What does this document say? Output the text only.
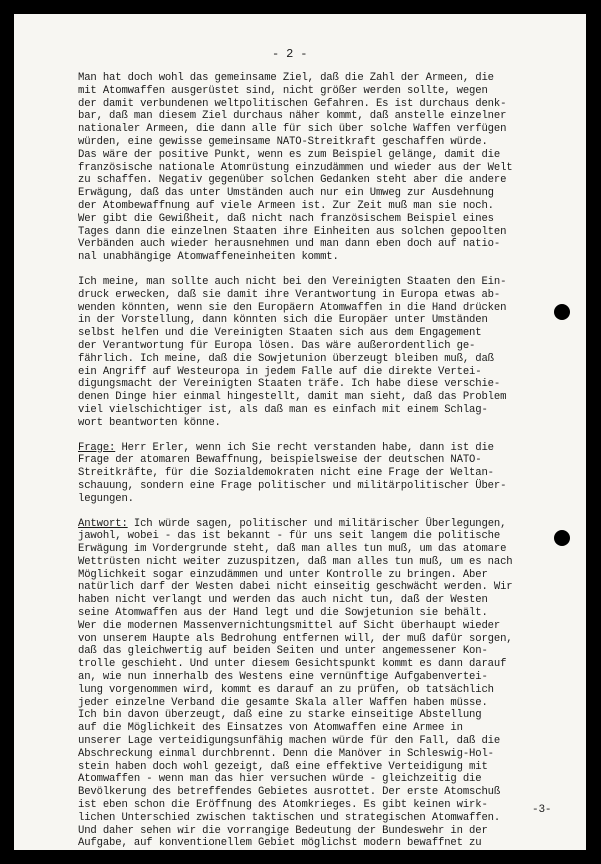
- 2 -
Man hat doch wohl das gemeinsame Ziel, daß die Zahl der Armeen, die
mit Atomwaffen ausgerüstet sind, nicht größer werden sollte, wegen
der damit verbundenen weltpolitischen Gefahren. Es ist durchaus denk-
bar, daß man diesem Ziel durchaus näher kommt, daß anstelle einzelner
nationaler Armeen, die dann alle für sich über solche Waffen verfügen
würden, eine gewisse gemeinsame NATO-Streitkraft geschaffen würde.
Das wäre der positive Punkt, wenn es zum Beispiel gelänge, damit die
französische nationale Atomrüstung einzudämmen und wieder aus der Welt
zu schaffen. Negativ gegenüber solchen Gedanken steht aber die andere
Erwägung, daß das unter Umständen auch nur ein Umweg zur Ausdehnung
der Atombewaffnung auf viele Armeen ist. Zur Zeit muß man sie noch.
Wer gibt die Gewißheit, daß nicht nach französischem Beispiel eines
Tages dann die einzelnen Staaten ihre Einheiten aus solchen gepoolten
Verbänden auch wieder herausnehmen und man dann eben doch auf natio-
nal unabhängige Atomwaffeneinheiten kommt.
Ich meine, man sollte auch nicht bei den Vereinigten Staaten den Ein-
druck erwecken, daß sie damit ihre Verantwortung in Europa etwas ab-
wenden könnten, wenn sie den Europäern Atomwaffen in die Hand drücken
in der Vorstellung, dann könnten sich die Europäer unter Umständen
selbst helfen und die Vereinigten Staaten sich aus dem Engagement
der Verantwortung für Europa lösen. Das wäre außerordentlich ge-
fährlich. Ich meine, daß die Sowjetunion überzeugt bleiben muß, daß
ein Angriff auf Westeuropa in jedem Falle auf die direkte Vertei-
digungsmacht der Vereinigten Staaten träfe. Ich habe diese verschie-
denen Dinge hier einmal hingestellt, damit man sieht, daß das Problem
viel vielschichtiger ist, als daß man es einfach mit einem Schlag-
wort beantworten könne.
Frage: Herr Erler, wenn ich Sie recht verstanden habe, dann ist die
Frage der atomaren Bewaffnung, beispielsweise der deutschen NATO-
Streitkräfte, für die Sozialdemokraten nicht eine Frage der Weltan-
schauung, sondern eine Frage politischer und militärpolitischer Über-
legungen.
Antwort: Ich würde sagen, politischer und militärischer Überlegungen,
jawohl, wobei - das ist bekannt - für uns seit langem die politische
Erwägung im Vordergrunde steht, daß man alles tun muß, um das atomare
Wettrüsten nicht weiter zuzuspitzen, daß man alles tun muß, um es nach
Möglichkeit sogar einzudämmen und unter Kontrolle zu bringen. Aber
natürlich darf der Westen dabei nicht einseitig geschwächt werden. Wir
haben nicht verlangt und werden das auch nicht tun, daß der Westen
seine Atomwaffen aus der Hand legt und die Sowjetunion sie behält.
Wer die modernen Massenvernichtungsmittel auf Sicht überhaupt wieder
von unserem Haupte als Bedrohung entfernen will, der muß dafür sorgen,
daß das gleichwertig auf beiden Seiten und unter angemessener Kon-
trolle geschieht. Und unter diesem Gesichtspunkt kommt es dann darauf
an, wie nun innerhalb des Westens eine vernünftige Aufgabenvertei-
lung vorgenommen wird, kommt es darauf an zu prüfen, ob tatsächlich
jeder einzelne Verband die gesamte Skala aller Waffen haben müsse.
Ich bin davon überzeugt, daß eine zu starke einseitige Abstellung
auf die Möglichkeit des Einsatzes von Atomwaffen eine Armee in
unserer Lage verteidigungsunfähig machen würde für den Fall, daß die
Abschreckung einmal durchbrennt. Denn die Manöver in Schleswig-Hol-
stein haben doch wohl gezeigt, daß eine effektive Verteidigung mit
Atomwaffen - wenn man das hier versuchen würde - gleichzeitig die
Bevölkerung des betreffendes Gebietes ausrottet. Der erste Atomschuß
ist eben schon die Eröffnung des Atomkrieges. Es gibt keinen wirk-
lichen Unterschied zwischen taktischen und strategischen Atomwaffen.
Und daher sehen wir die vorrangige Bedeutung der Bundeswehr in der
Aufgabe, auf konventionellem Gebiet möglichst modern bewaffnet zu
-3-
